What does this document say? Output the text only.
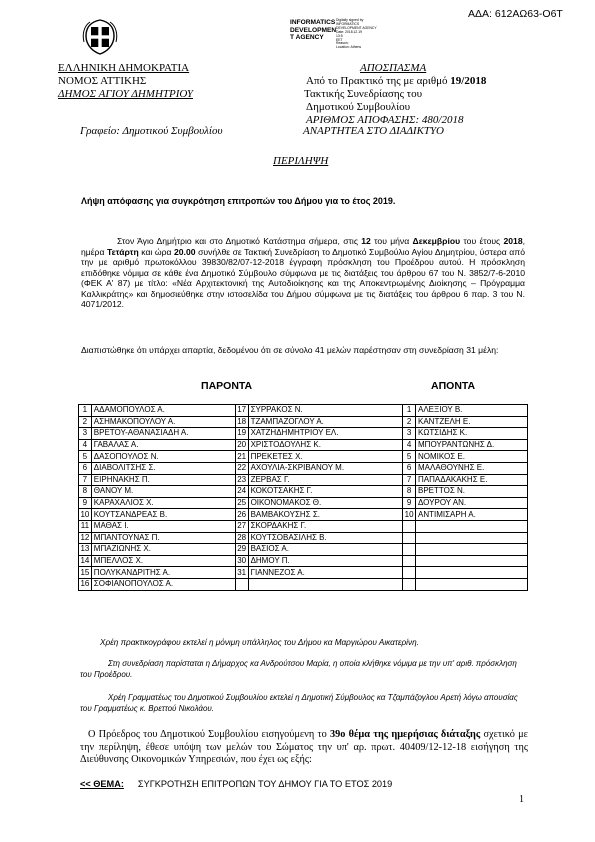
ΑΔΑ: 612ΑΩ63-Ο6Τ
INFORMATICS
DEVELOPMEN
T AGENCY
Digitally signed by
INFORMATICS
DEVELOPMENT AGENCY
Date: 2018.12.19
13:5
EET
Reason:
Location: Athens
ΕΛΛΗΝΙΚΗ ΔΗΜΟΚΡΑΤΙΑ
ΝΟΜΟΣ ΑΤΤΙΚΗΣ
ΔΗΜΟΣ ΑΓΙΟΥ ΔΗΜΗΤΡΙΟΥ
Γραφείο: Δημοτικού Συμβουλίου
ΑΠΟΣΠΑΣΜΑ
Από το Πρακτικό της με αριθμό 19/2018
Τακτικής Συνεδρίασης του
Δημοτικού Συμβουλίου
ΑΡΙΘΜΟΣ ΑΠΟΦΑΣΗΣ: 480/2018
ΑΝΑΡΤΗΤΕΑ ΣΤΟ ΔΙΑΔΙΚΤΥΟ
ΠΕΡΙΛΗΨΗ
Λήψη απόφασης για συγκρότηση επιτροπών του Δήμου για το έτος 2019.
Στον Άγιο Δημήτριο και στο Δημοτικό Κατάστημα σήμερα, στις 12 του μήνα Δεκεμβρίου του έτους 2018, ημέρα Τετάρτη και ώρα 20.00 συνήλθε σε Τακτική Συνεδρίαση το Δημοτικό Συμβούλιο Αγίου Δημητρίου, ύστερα από την με αριθμό πρωτοκόλλου 39830/82/07-12-2018 έγγραφη πρόσκληση του Προέδρου αυτού. Η πρόσκληση επιδόθηκε νόμιμα σε κάθε ένα Δημοτικό Σύμβουλο σύμφωνα με τις διατάξεις του άρθρου 67 του Ν. 3852/7-6-2010 (ΦΕΚ Α' 87) με τίτλο: «Νέα Αρχιτεκτονική της Αυτοδιοίκησης και της Αποκεντρωμένης Διοίκησης – Πρόγραμμα Καλλικράτης» και δημοσιεύθηκε στην ιστοσελίδα του Δήμου σύμφωνα με τις διατάξεις του άρθρου 6 παρ. 3 του Ν. 4071/2012.
Διαπιστώθηκε ότι υπάρχει απαρτία, δεδομένου ότι σε σύνολο 41 μελών παρέστησαν στη συνεδρίαση 31 μέλη:
ΠΑΡΟΝΤΑ	ΑΠΟΝΤΑ
1	ΑΔΑΜΟΠΟΥΛΟΣ Α.	17	ΣΥΡΡΑΚΟΣ Ν.	1	ΑΛΕΞΙΟΥ Β.
2	ΑΣΗΜΑΚΟΠΟΥΛΟΥ Α.	18	ΤΖΑΜΠΑΖΟΓΛΟΥ Α.	2	ΚΑΝΤΖΕΛΗ Ε.
3	ΒΡΕΤΟΥ-ΑΘΑΝΑΣΙΑΔΗ Α.	19	ΧΑΤΖΗΔΗΜΗΤΡΙΟΥ ΕΛ.	3	ΚΩΤΣΙΔΗΣ Κ.
4	ΓΑΒΑΛΑΣ Α.	20	ΧΡΙΣΤΟΔΟΥΛΗΣ Κ.	4	ΜΠΟΥΡΑΝΤΩΝΗΣ Δ.
5	ΔΑΣΟΠΟΥΛΟΣ Ν.	21	ΠΡΕΚΕΤΕΣ Χ.	5	ΝΟΜΙΚΟΣ Ε.
6	ΔΙΑΒΟΛΙΤΣΗΣ Σ.	22	ΑΧΟΥΛΙΑ-ΣΚΡΙΒΑΝΟΥ Μ.	6	ΜΑΛΑΘΟΥΝΗΣ Ε.
7	ΕΙΡΗΝΑΚΗΣ Π.	23	ΖΕΡΒΑΣ Γ.	7	ΠΑΠΑΔΑΚΑΚΗΣ Ε.
8	ΘΑΝΟΥ Μ.	24	ΚΟΚΟΤΣΑΚΗΣ Γ.	8	ΒΡΕΤΤΟΣ Ν.
9	ΚΑΡΑΧΑΛΙΟΣ Χ.	25	ΟΙΚΟΝΟΜΑΚΟΣ Θ.	9	ΔΟΥΡΟΥ ΑΝ.
10	ΚΟΥΤΣΑΝΔΡΕΑΣ Β.	26	ΒΑΜΒΑΚΟΥΣΗΣ Σ.	10	ΑΝΤΙΜΙΣΑΡΗ Α.
11	ΜΑΘΑΣ Ι.	27	ΣΚΟΡΔΑΚΗΣ Γ.		
12	ΜΠΑΝΤΟΥΝΑΣ Π.	28	ΚΟΥΤΣΟΒΑΣΙΛΗΣ Β.		
13	ΜΠΑΖΙΩΝΗΣ Χ.	29	ΒΑΣΙΟΣ Α.		
14	ΜΠΕΛΛΟΣ Χ.	30	ΔΗΜΟΥ Π.		
15	ΠΟΛΥΚΑΝΔΡΙΤΗΣ Α.	31	ΓΙΑΝΝΕΖΟΣ Α.		
16	ΣΟΦΙΑΝΟΠΟΥΛΟΣ Α.				
Χρέη πρακτικογράφου εκτελεί η μόνιμη υπάλληλος του Δήμου κα Μαργιώρου Αικατερίνη.
Στη συνεδρίαση παρίσταται η Δήμαρχος κα Ανδρούτσου Μαρία, η οποία κλήθηκε νόμιμα με την υπ' αριθ. πρόσκληση του Προέδρου.
Χρέη Γραμματέως του Δημοτικού Συμβουλίου εκτελεί η Δημοτική Σύμβουλος κα Τζαμπάζογλου Αρετή λόγω απουσίας του Γραμματέως κ. Βρεττού Νικολάου.
Ο Πρόεδρος του Δημοτικού Συμβουλίου εισηγούμενη το 39ο θέμα της ημερήσιας διάταξης σχετικό με την περίληψη, έθεσε υπόψη των μελών του Σώματος την υπ' αρ. πρωτ. 40409/12-12-18 εισήγηση της Διεύθυνσης Οικονομικών Υπηρεσιών, που έχει ως εξής:
<< ΘΕΜΑ: ΣΥΓΚΡΟΤΗΣΗ ΕΠΙΤΡΟΠΩΝ ΤΟΥ ΔΗΜΟΥ ΓΙΑ ΤΟ ΕΤΟΣ 2019
1
